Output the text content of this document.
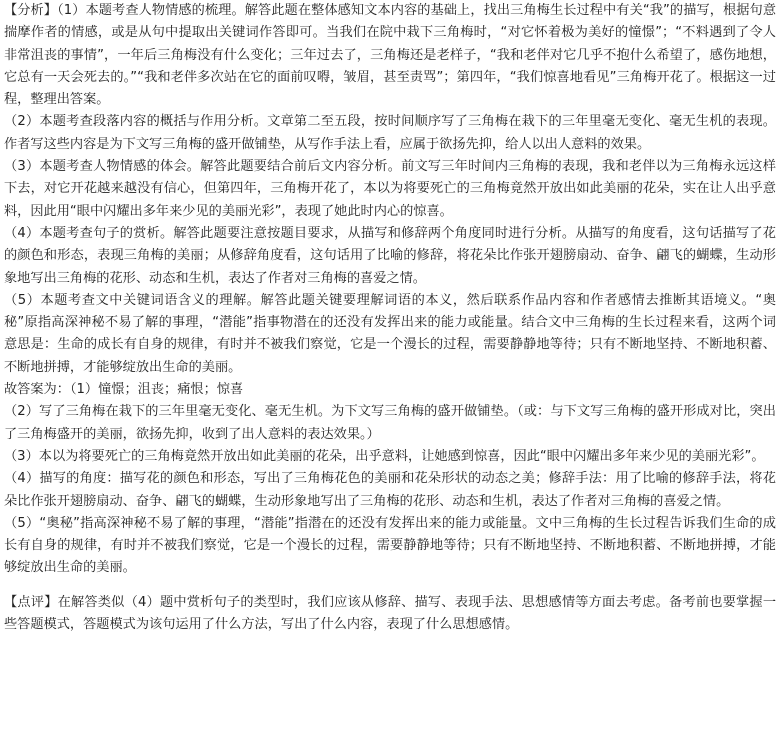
【分析】（1）本题考查人物情感的梳理。解答此题在整体感知文本内容的基础上，找出三角梅生长过程中有关“我”的描写，根据句意揣摩作者的情感，或是从句中提取出关键词作答即可。当我们在院中栽下三角梅时，“对它怀着极为美好的憧憬”；“不料遇到了令人非常沮丧的事情”，一年后三角梅没有什么变化；三年过去了，三角梅还是老样子，“我和老伴对它几乎不抱什么希望了，感伤地想，它总有一天会死去的。”“我和老伴多次站在它的面前叹嘚，皱眉，甚至责骂”；第四年，“我们惊喜地看见”三角梅开花了。根据这一过程，整理出答案。

（2）本题考查段落内容的概括与作用分析。文章第二至五段，按时间顺序写了三角梅在栽下的三年里毫无变化、毫无生机的表现。作者写这些内容是为下文写三角梅的盛开做铺垫，从写作手法上看，应属于欲扬先抑，给人以出人意料的效果。

（3）本题考查人物情感的体会。解答此题要结合前后文内容分析。前文写三年时间内三角梅的表现，我和老伴以为三角梅永远这样下去，对它开花越来越没有信心，但第四年，三角梅开花了，本以为将要死亡的三角梅竟然开放出如此美丽的花朵，实在让人出乎意料，因此用“眼中闪耀出多年来少见的美丽光彩”，表现了她此时内心的惊喜。

（4）本题考查句子的赏析。解答此题要注意按题目要求，从描写和修辞两个角度同时进行分析。从描写的角度看，这句话描写了花的颜色和形态，表现三角梅的美丽；从修辞角度看，这句话用了比喻的修辞，将花朵比作张开翅膀扇动、奋争、翩飞的蝴蝶，生动形象地写出三角梅的花形、动态和生机，表达了作者对三角梅的喜爱之情。

（5）本题考查文中关键词语含义的理解。解答此题关键要理解词语的本义，然后联系作品内容和作者感情去推断其语境义。“奥秘”原指高深神秘不易了解的事理，“潜能”指事物潜在的还没有发挥出来的能力或能量。结合文中三角梅的生长过程来看，这两个词意思是：生命的成长有自身的规律，有时并不被我们察觉，它是一个漫长的过程，需要静静地等待；只有不断地坚持、不断地积蓄、不断地拼搏，才能够绽放出生命的美丽。

故答案为：（1）憧憬；沮丧；痛恨；惊喜

（2）写了三角梅在栽下的三年里毫无变化、毫无生机。为下文写三角梅的盛开做铺垫。（或：与下文写三角梅的盛开形成对比，突出了三角梅盛开的美丽，欲扬先抑，收到了出人意料的表达效果。）

（3）本以为将要死亡的三角梅竟然开放出如此美丽的花朵，出乎意料，让她感到惊喜，因此“眼中闪耀出多年来少见的美丽光彩”。

（4）描写的角度：描写花的颜色和形态，写出了三角梅花色的美丽和花朵形状的动态之美；修辞手法：用了比喻的修辞手法，将花朵比作张开翅膀扇动、奋争、翩飞的蝴蝶，生动形象地写出了三角梅的花形、动态和生机，表达了作者对三角梅的喜爱之情。

（5）“奥秘”指高深神秘不易了解的事理，“潜能”指潜在的还没有发挥出来的能力或能量。文中三角梅的生长过程告诉我们生命的成长有自身的规律，有时并不被我们察觉，它是一个漫长的过程，需要静静地等待；只有不断地坚持、不断地积蓄、不断地拼搏，才能够绽放出生命的美丽。

【点评】在解答类似（4）题中赏析句子的类型时，我们应该从修辞、描写、表现手法、思想感情等方面去考虑。备考前也要掌握一些答题模式，答题模式为该句运用了什么方法，写出了什么内容，表现了什么思想感情。
